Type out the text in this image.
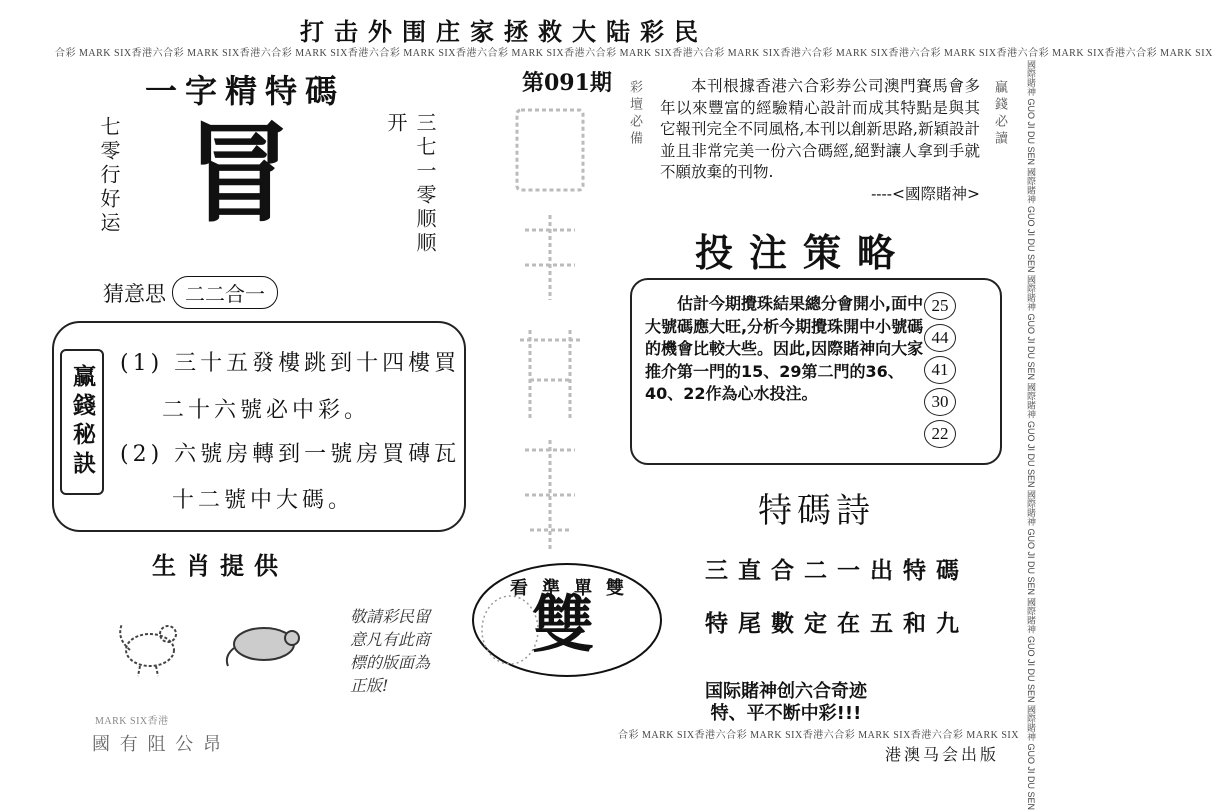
打击外围庄家拯救大陆彩民
合彩 MARK SIX香港六合彩 MARK SIX香港六合彩 MARK SIX香港六合彩 MARK SIX香港六合彩 MARK SIX香港六合彩 MARK SIX香港六合彩 MARK SIX香港六合彩 MARK SIX香港六合彩 MARK SIX香港六合彩 MARK SIX香港六合彩 MARK SIX
國際賭神 GUO JI DU SEN 國際賭神 GUO JI DU SEN 國際賭神 GUO JI DU SEN 國際賭神 GUO JI DU SEN 國際賭神 GUO JI DU SEN 國際賭神 GUO JI DU SEN 國際賭神 GUO JI DU SEN
一字精特碼
七零行好运 冒	三七一零顺顺开
猜意思 二二合一
赢錢秘訣
(1) 三十五發樓跳到十四樓買
二十六號必中彩。
(2) 六號房轉到一號房買磚瓦
十二號中大碼。
生肖提供
MARK SIX香港
國 有 阻 公 昂
第091期 彩壇必備
敬請彩民留意凡有此商標的版面為正版!
看準單雙
雙
本刊根據香港六合彩券公司澳門賽馬會多年以來豐富的經驗精心設計而成其特點是與其它報刊完全不同風格,本刊以創新思路,新穎設計並且非常完美一份六合碼經,絕對讓人拿到手就不願放棄的刊物.
----<國際賭神>
贏錢必讀
投注策略
估計今期攪珠結果總分會開小,面中大號碼應大旺,分析今期攪珠開中小號碼的機會比較大些。因此,因際賭神向大家推介第一門的15、29第二門的36、40、22作為心水投注。
25
44
41
30
22
特碼詩
三直合二一出特碼
特尾數定在五和九
国际賭神创六合奇迹
特、平不断中彩!!!
合彩 MARK SIX香港六合彩 MARK SIX香港六合彩 MARK SIX香港六合彩 MARK SIX
港澳马会出版
